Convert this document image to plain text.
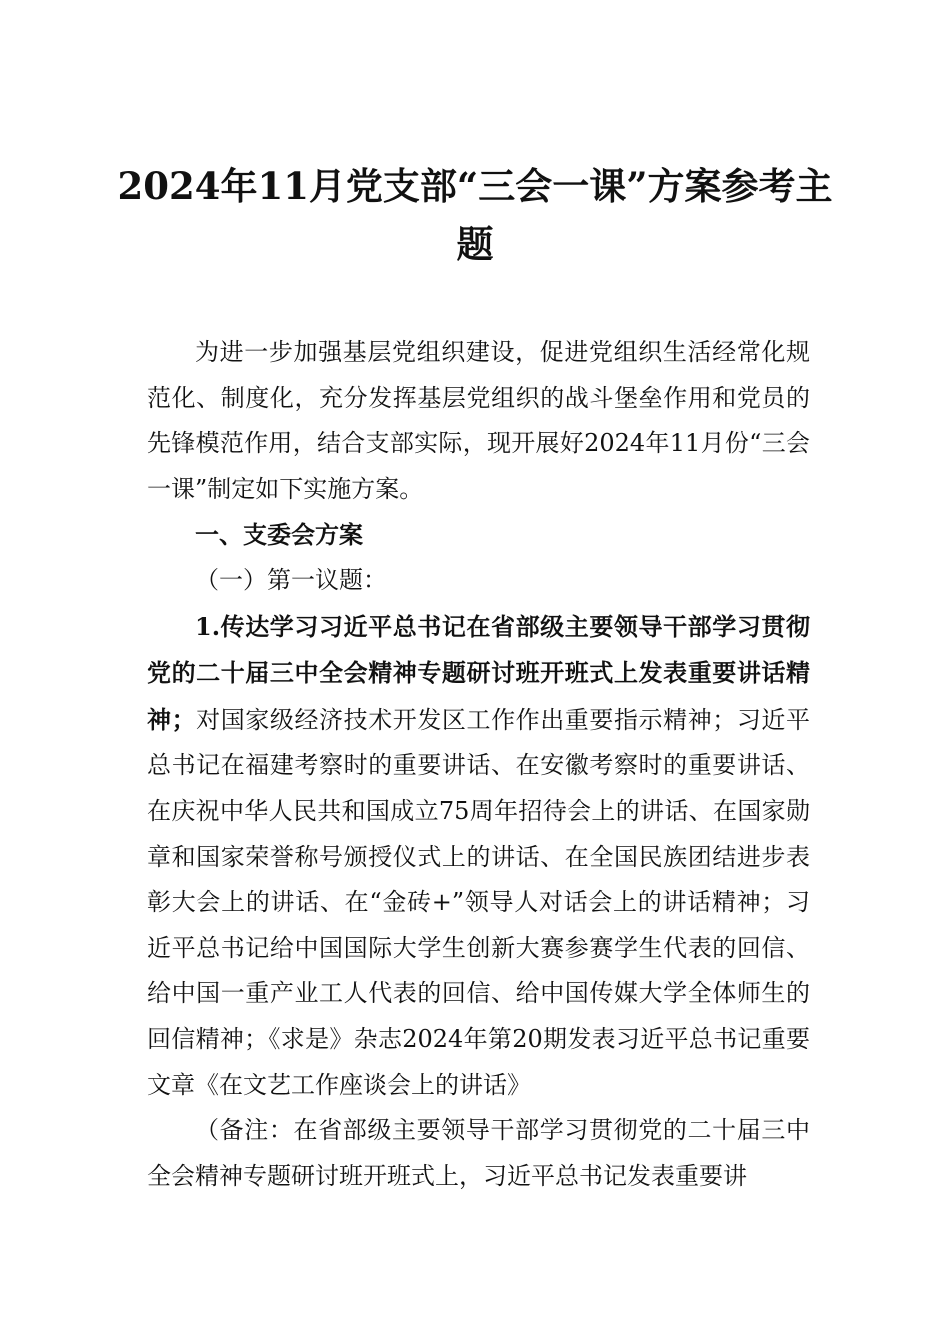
2024年11月党支部“三会一课”方案参考主题

为进一步加强基层党组织建设，促进党组织生活经常化规范化、制度化，充分发挥基层党组织的战斗堡垒作用和党员的先锋模范作用，结合支部实际，现开展好2024年11月份“三会一课”制定如下实施方案。

一、支委会方案

（一）第一议题：

1.传达学习习近平总书记在省部级主要领导干部学习贯彻党的二十届三中全会精神专题研讨班开班式上发表重要讲话精神；对国家级经济技术开发区工作作出重要指示精神；习近平总书记在福建考察时的重要讲话、在安徽考察时的重要讲话、在庆祝中华人民共和国成立75周年招待会上的讲话、在国家勋章和国家荣誉称号颁授仪式上的讲话、在全国民族团结进步表彰大会上的讲话、在“金砖+”领导人对话会上的讲话精神；习近平总书记给中国国际大学生创新大赛参赛学生代表的回信、给中国一重产业工人代表的回信、给中国传媒大学全体师生的回信精神；《求是》杂志2024年第20期发表习近平总书记重要文章《在文艺工作座谈会上的讲话》

（备注：在省部级主要领导干部学习贯彻党的二十届三中全会精神专题研讨班开班式上，习近平总书记发表重要讲
